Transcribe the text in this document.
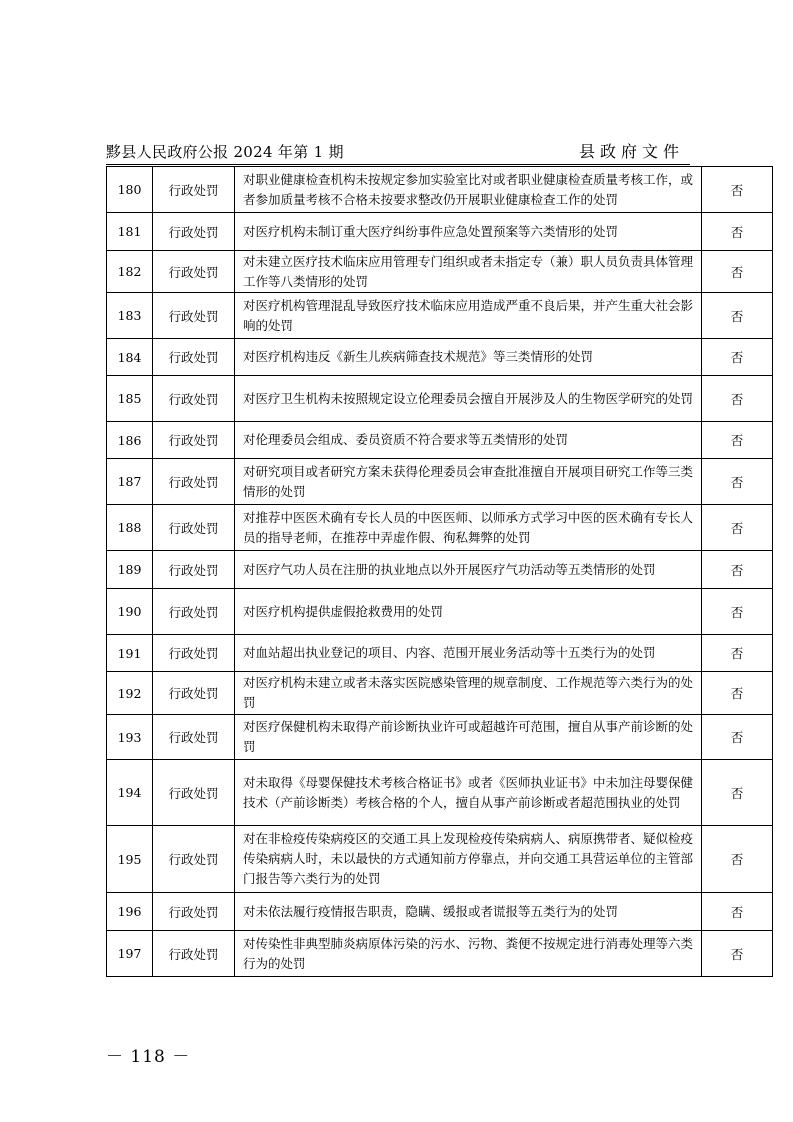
黟县人民政府公报 2024 年第 1 期	县政府文件
180	行政处罚	对职业健康检查机构未按规定参加实验室比对或者职业健康检查质量考核工作，或者参加质量考核不合格未按要求整改仍开展职业健康检查工作的处罚	否
181	行政处罚	对医疗机构未制订重大医疗纠纷事件应急处置预案等六类情形的处罚	否
182	行政处罚	对未建立医疗技术临床应用管理专门组织或者未指定专（兼）职人员负责具体管理工作等八类情形的处罚	否
183	行政处罚	对医疗机构管理混乱导致医疗技术临床应用造成严重不良后果，并产生重大社会影响的处罚	否
184	行政处罚	对医疗机构违反《新生儿疾病筛查技术规范》等三类情形的处罚	否
185	行政处罚	对医疗卫生机构未按照规定设立伦理委员会擅自开展涉及人的生物医学研究的处罚	否
186	行政处罚	对伦理委员会组成、委员资质不符合要求等五类情形的处罚	否
187	行政处罚	对研究项目或者研究方案未获得伦理委员会审查批准擅自开展项目研究工作等三类情形的处罚	否
188	行政处罚	对推荐中医医术确有专长人员的中医医师、以师承方式学习中医的医术确有专长人员的指导老师，在推荐中弄虚作假、徇私舞弊的处罚	否
189	行政处罚	对医疗气功人员在注册的执业地点以外开展医疗气功活动等五类情形的处罚	否
190	行政处罚	对医疗机构提供虚假抢救费用的处罚	否
191	行政处罚	对血站超出执业登记的项目、内容、范围开展业务活动等十五类行为的处罚	否
192	行政处罚	对医疗机构未建立或者未落实医院感染管理的规章制度、工作规范等六类行为的处罚	否
193	行政处罚	对医疗保健机构未取得产前诊断执业许可或超越许可范围，擅自从事产前诊断的处罚	否
194	行政处罚	对未取得《母婴保健技术考核合格证书》或者《医师执业证书》中未加注母婴保健技术（产前诊断类）考核合格的个人，擅自从事产前诊断或者超范围执业的处罚	否
195	行政处罚	对在非检疫传染病疫区的交通工具上发现检疫传染病病人、病原携带者、疑似检疫传染病病人时，未以最快的方式通知前方停靠点，并向交通工具营运单位的主管部门报告等六类行为的处罚	否
196	行政处罚	对未依法履行疫情报告职责，隐瞒、缓报或者谎报等五类行为的处罚	否
197	行政处罚	对传染性非典型肺炎病原体污染的污水、污物、粪便不按规定进行消毒处理等六类行为的处罚	否
－ 118 －
